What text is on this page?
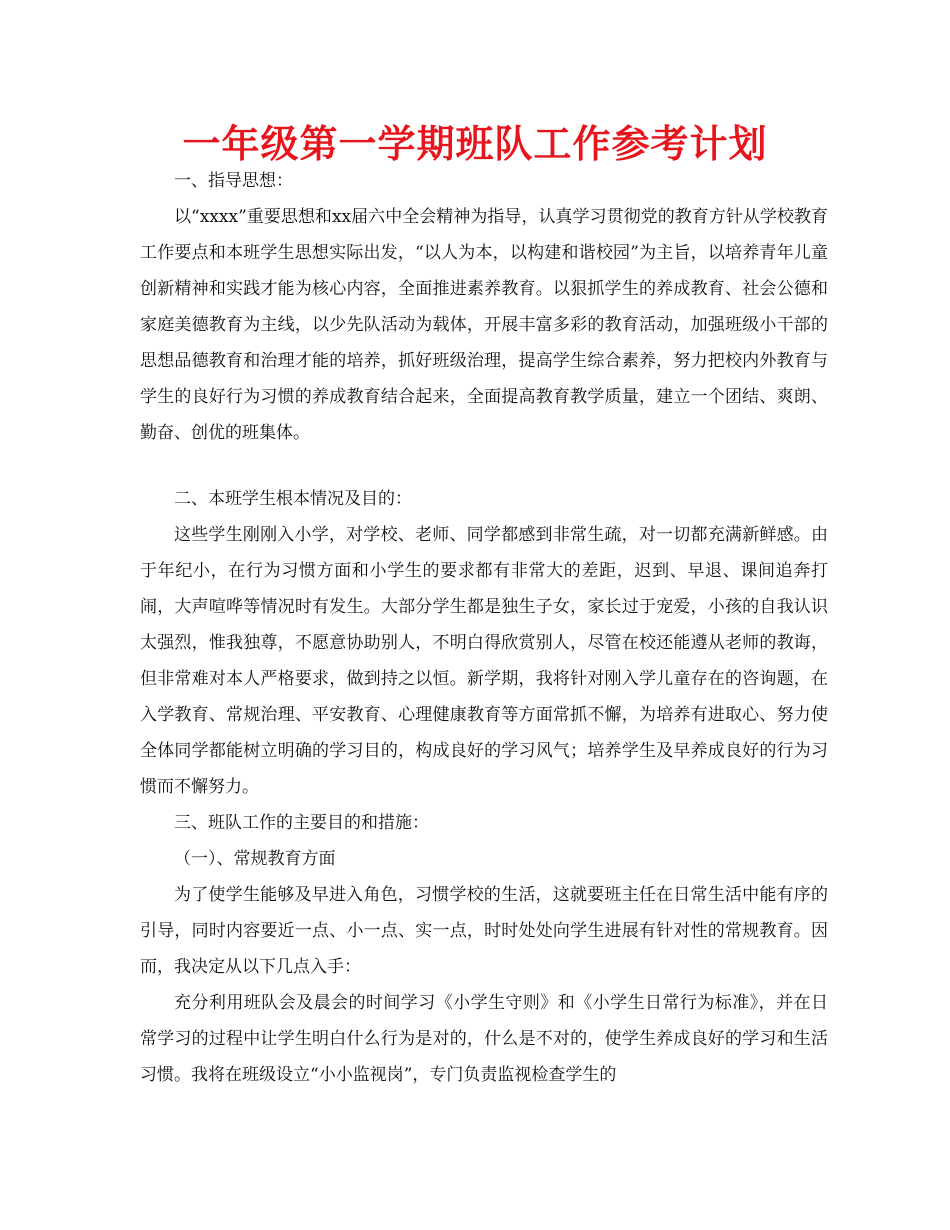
一年级第一学期班队工作参考计划

一、指导思想：

以“xxxx”重要思想和xx届六中全会精神为指导，认真学习贯彻党的教育方针从学校教育工作要点和本班学生思想实际出发，“以人为本，以构建和谐校园”为主旨，以培养青年儿童创新精神和实践才能为核心内容，全面推进素养教育。以狠抓学生的养成教育、社会公德和家庭美德教育为主线，以少先队活动为载体，开展丰富多彩的教育活动，加强班级小干部的思想品德教育和治理才能的培养，抓好班级治理，提高学生综合素养，努力把校内外教育与学生的良好行为习惯的养成教育结合起来，全面提高教育教学质量，建立一个团结、爽朗、勤奋、创优的班集体。

二、本班学生根本情况及目的：

这些学生刚刚入小学，对学校、老师、同学都感到非常生疏，对一切都充满新鲜感。由于年纪小，在行为习惯方面和小学生的要求都有非常大的差距，迟到、早退、课间追奔打闹，大声喧哗等情况时有发生。大部分学生都是独生子女，家长过于宠爱，小孩的自我认识太强烈，惟我独尊，不愿意协助别人，不明白得欣赏别人，尽管在校还能遵从老师的教诲，但非常难对本人严格要求，做到持之以恒。新学期，我将针对刚入学儿童存在的咨询题，在入学教育、常规治理、平安教育、心理健康教育等方面常抓不懈，为培养有进取心、努力使全体同学都能树立明确的学习目的，构成良好的学习风气；培养学生及早养成良好的行为习惯而不懈努力。

三、班队工作的主要目的和措施：

（一）、常规教育方面

为了使学生能够及早进入角色，习惯学校的生活，这就要班主任在日常生活中能有序的引导，同时内容要近一点、小一点、实一点，时时处处向学生进展有针对性的常规教育。因而，我决定从以下几点入手：

充分利用班队会及晨会的时间学习《小学生守则》和《小学生日常行为标准》，并在日常学习的过程中让学生明白什么行为是对的，什么是不对的，使学生养成良好的学习和生活习惯。我将在班级设立“小小监视岗”，专门负责监视检查学生的
